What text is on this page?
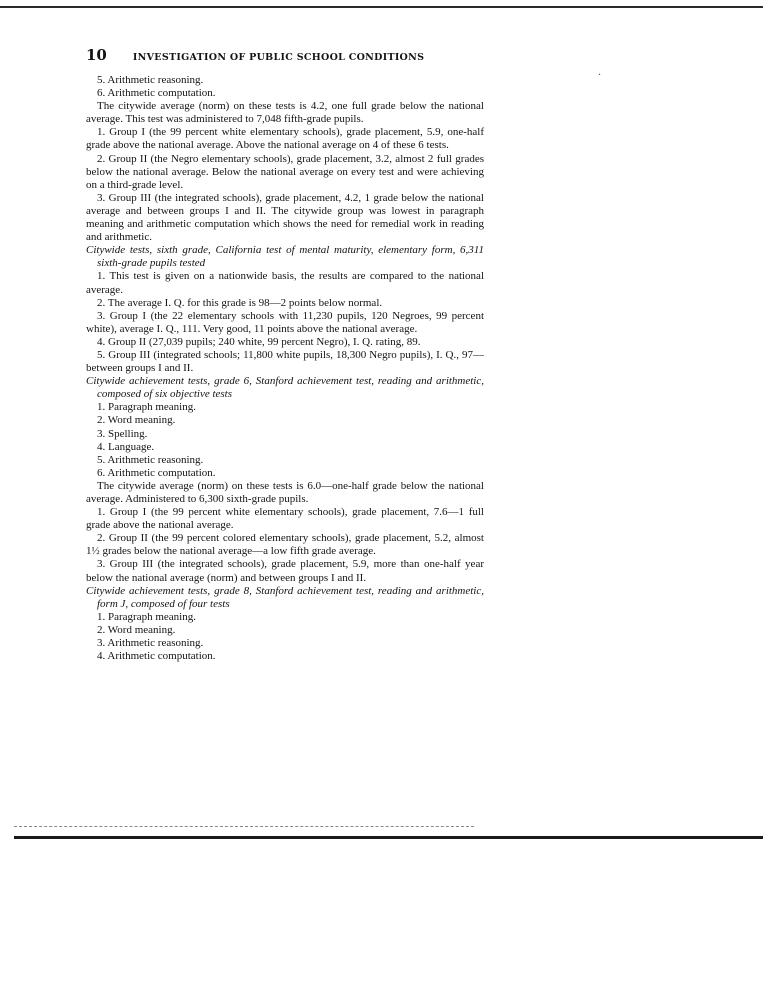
10	INVESTIGATION OF PUBLIC SCHOOL CONDITIONS

5. Arithmetic reasoning.

6. Arithmetic computation.

The citywide average (norm) on these tests is 4.2, one full grade below the national average. This test was administered to 7,048 fifth-grade pupils.

1. Group I (the 99 percent white elementary schools), grade placement, 5.9, one-half grade above the national average. Above the national average on 4 of these 6 tests.

2. Group II (the Negro elementary schools), grade placement, 3.2, almost 2 full grades below the national average. Below the national average on every test and were achieving on a third-grade level.

3. Group III (the integrated schools), grade placement, 4.2, 1 grade below the national average and between groups I and II. The citywide group was lowest in paragraph meaning and arithmetic computation which shows the need for remedial work in reading and arithmetic.

Citywide tests, sixth grade, California test of mental maturity, elementary form, 6,311 sixth-grade pupils tested

1. This test is given on a nationwide basis, the results are compared to the national average.

2. The average I. Q. for this grade is 98—2 points below normal.

3. Group I (the 22 elementary schools with 11,230 pupils, 120 Negroes, 99 percent white), average I. Q., 111. Very good, 11 points above the national average.

4. Group II (27,039 pupils; 240 white, 99 percent Negro), I. Q. rating, 89.

5. Group III (integrated schools; 11,800 white pupils, 18,300 Negro pupils), I. Q., 97—between groups I and II.

Citywide achievement tests, grade 6, Stanford achievement test, reading and arithmetic, composed of six objective tests

1. Paragraph meaning.

2. Word meaning.

3. Spelling.

4. Language.

5. Arithmetic reasoning.

6. Arithmetic computation.

The citywide average (norm) on these tests is 6.0—one-half grade below the national average. Administered to 6,300 sixth-grade pupils.

1. Group I (the 99 percent white elementary schools), grade placement, 7.6—1 full grade above the national average.

2. Group II (the 99 percent colored elementary schools), grade placement, 5.2, almost 1½ grades below the national average—a low fifth grade average.

3. Group III (the integrated schools), grade placement, 5.9, more than one-half year below the national average (norm) and between groups I and II.

Citywide achievement tests, grade 8, Stanford achievement test, reading and arithmetic, form J, composed of four tests

1. Paragraph meaning.

2. Word meaning.

3. Arithmetic reasoning.

4. Arithmetic computation.

·
